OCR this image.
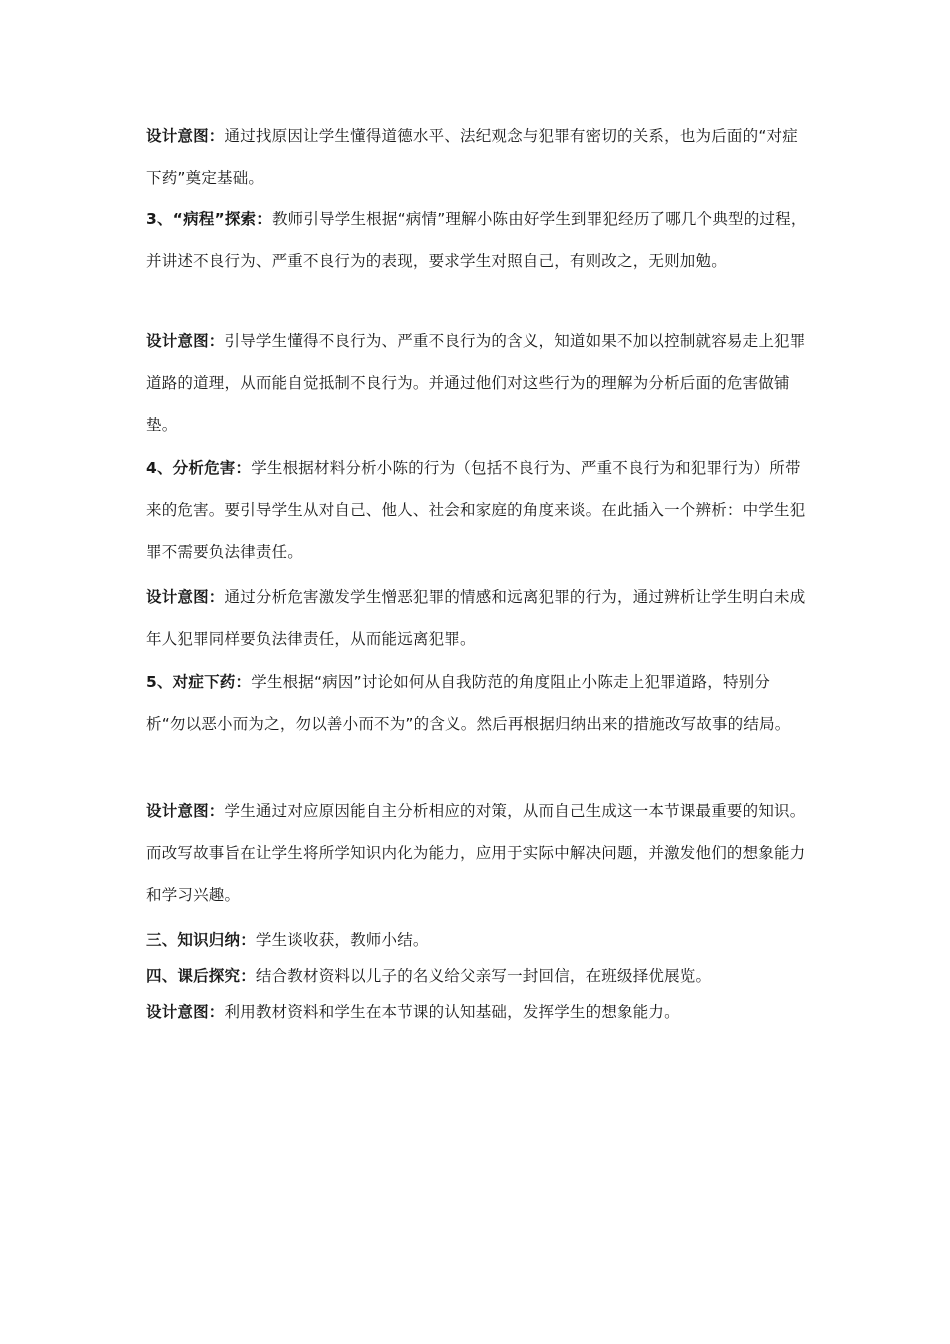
设计意图：通过找原因让学生懂得道德水平、法纪观念与犯罪有密切的关系，也为后面的“对症下药”奠定基础。

3、“病程”探索：教师引导学生根据“病情”理解小陈由好学生到罪犯经历了哪几个典型的过程，并讲述不良行为、严重不良行为的表现，要求学生对照自己，有则改之，无则加勉。

设计意图：引导学生懂得不良行为、严重不良行为的含义，知道如果不加以控制就容易走上犯罪道路的道理，从而能自觉抵制不良行为。并通过他们对这些行为的理解为分析后面的危害做铺垫。

4、分析危害：学生根据材料分析小陈的行为（包括不良行为、严重不良行为和犯罪行为）所带来的危害。要引导学生从对自己、他人、社会和家庭的角度来谈。在此插入一个辨析：中学生犯罪不需要负法律责任。

设计意图：通过分析危害激发学生憎恶犯罪的情感和远离犯罪的行为，通过辨析让学生明白未成年人犯罪同样要负法律责任，从而能远离犯罪。

5、对症下药：学生根据“病因”讨论如何从自我防范的角度阻止小陈走上犯罪道路，特别分析“勿以恶小而为之，勿以善小而不为”的含义。然后再根据归纳出来的措施改写故事的结局。

设计意图：学生通过对应原因能自主分析相应的对策，从而自己生成这一本节课最重要的知识。而改写故事旨在让学生将所学知识内化为能力，应用于实际中解决问题，并激发他们的想象能力和学习兴趣。

三、知识归纳：学生谈收获，教师小结。

四、课后探究：结合教材资料以儿子的名义给父亲写一封回信，在班级择优展览。

设计意图：利用教材资料和学生在本节课的认知基础，发挥学生的想象能力。
